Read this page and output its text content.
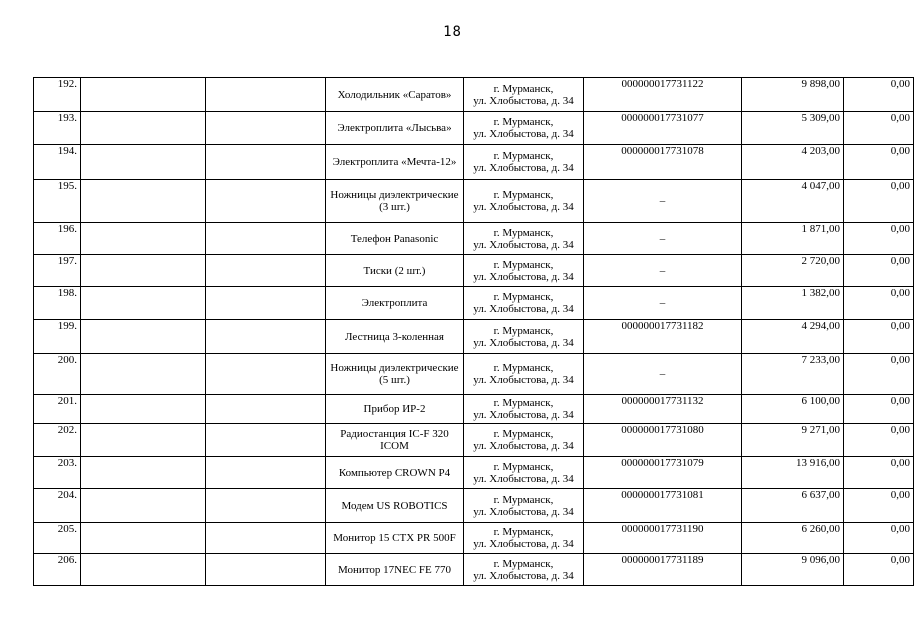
18
192.			Холодильник «Саратов»	г. Мурманск,
ул. Хлобыстова, д. 34	000000017731122	9 898,00	0,00
193.			Электроплита «Лысьва»	г. Мурманск,
ул. Хлобыстова, д. 34	000000017731077	5 309,00	0,00
194.			Электроплита «Мечта-12»	г. Мурманск,
ул. Хлобыстова, д. 34	000000017731078	4 203,00	0,00
195.			Ножницы диэлектрические (3 шт.)	г. Мурманск,
ул. Хлобыстова, д. 34	–	4 047,00	0,00
196.			Телефон Panasonic	г. Мурманск,
ул. Хлобыстова, д. 34	–	1 871,00	0,00
197.			Тиски (2 шт.)	г. Мурманск,
ул. Хлобыстова, д. 34	–	2 720,00	0,00
198.			Электроплита	г. Мурманск,
ул. Хлобыстова, д. 34	–	1 382,00	0,00
199.			Лестница 3-коленная	г. Мурманск,
ул. Хлобыстова, д. 34	000000017731182	4 294,00	0,00
200.			Ножницы диэлектрические (5 шт.)	г. Мурманск,
ул. Хлобыстова, д. 34	–	7 233,00	0,00
201.			Прибор ИР-2	г. Мурманск,
ул. Хлобыстова, д. 34	000000017731132	6 100,00	0,00
202.			Радиостанция IC-F 320 ICOM	г. Мурманск,
ул. Хлобыстова, д. 34	000000017731080	9 271,00	0,00
203.			Компьютер CROWN P4	г. Мурманск,
ул. Хлобыстова, д. 34	000000017731079	13 916,00	0,00
204.			Модем US ROBOTICS	г. Мурманск,
ул. Хлобыстова, д. 34	000000017731081	6 637,00	0,00
205.			Монитор 15 CTX PR 500F	г. Мурманск,
ул. Хлобыстова, д. 34	000000017731190	6 260,00	0,00
206.			Монитор 17NEC FE 770	г. Мурманск,
ул. Хлобыстова, д. 34	000000017731189	9 096,00	0,00
